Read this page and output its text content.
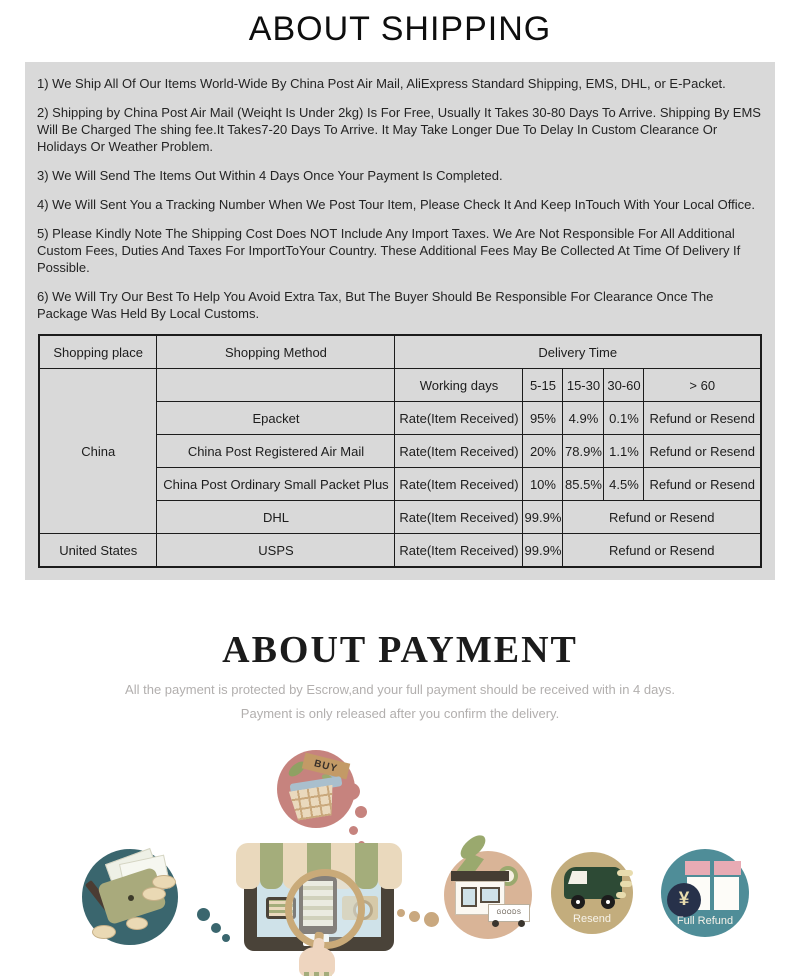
ABOUT SHIPPING

1) We Ship All Of Our Items World-Wide By China Post Air Mail, AliExpress Standard Shipping, EMS, DHL, or E-Packet.

2) Shipping by China Post Air Mail (Weiqht Is Under 2kg) Is For Free, Usually It Takes 30-80 Days To Arrive. Shipping By EMS Will Be Charged The shing fee.It Takes7-20 Days To Arrive. It May Take Longer Due To Delay In Custom Clearance Or Holidays Or Weather Problem.

3) We Will Send The Items Out Within 4 Days Once Your Payment Is Completed.

4) We Will Sent You a Tracking Number When We Post Tour Item, Please Check It And Keep InTouch With Your Local Office.

5) Please Kindly Note The Shipping Cost Does NOT Include Any Import Taxes. We Are Not Responsible For All Additional Custom Fees, Duties And Taxes For ImportToYour Country. These Additional Fees May Be Collected At Time Of Delivery If Possible.

6) We Will Try Our Best To Help You Avoid Extra Tax, But The Buyer Should Be Responsible For Clearance Once The Package Was Held By Local Customs.

Shopping place	Shopping Method	Delivery Time				
China		Working days	5-15	15-30	30-60	> 60
	Epacket	Rate(Item Received)	95%	4.9%	0.1%	Refund or Resend
	China Post Registered Air Mail	Rate(Item Received)	20%	78.9%	1.1%	Refund or Resend
	China Post Ordinary Small Packet Plus	Rate(Item Received)	10%	85.5%	4.5%	Refund or Resend
	DHL	Rate(Item Received)	99.9%	Refund or Resend		
United States	USPS	Rate(Item Received)	99.9%	Refund or Resend		
ABOUT PAYMENT
All the payment is protected by Escrow,and your full payment should be received with in 4 days.
Payment is only released after you confirm the delivery.
BUY
GOODS	Resend
¥
Full Refund
